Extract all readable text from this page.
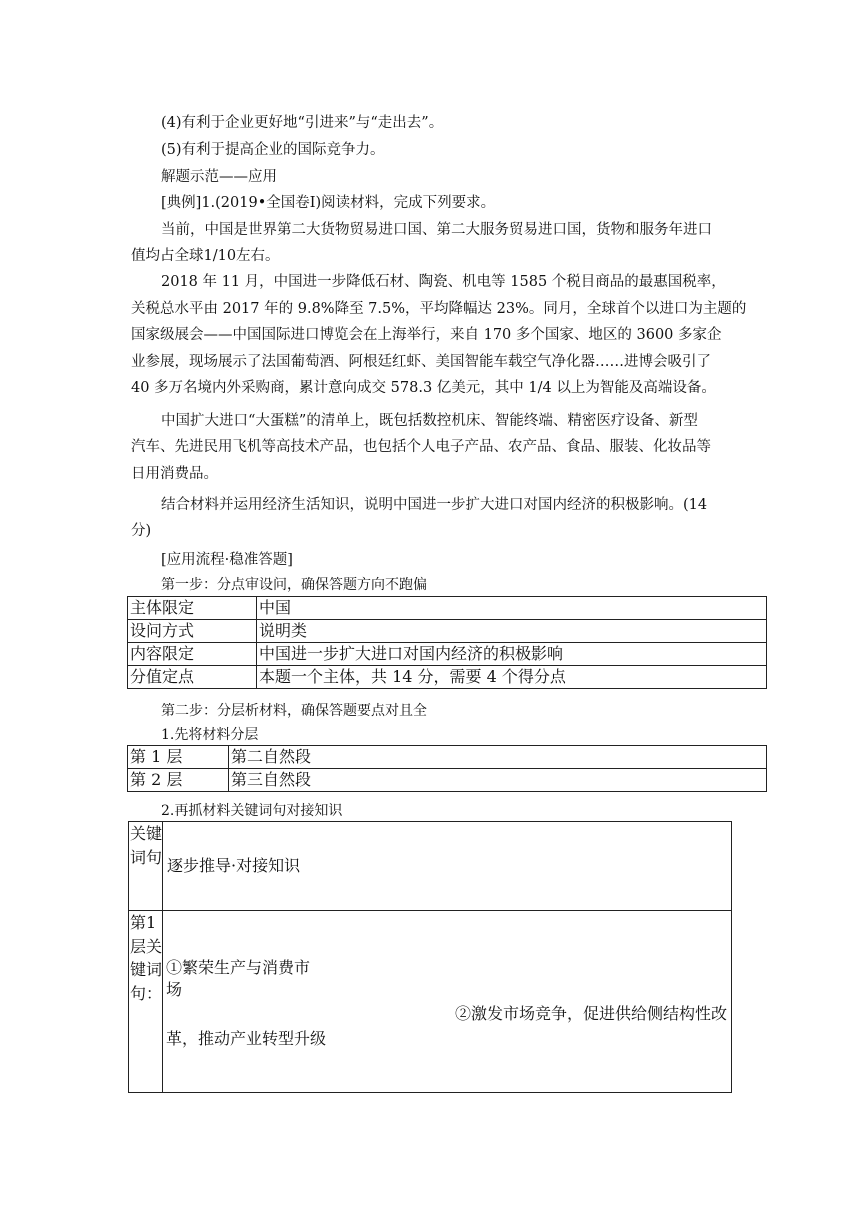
(4)有利于企业更好地“引进来”与“走出去”。
(5)有利于提高企业的国际竞争力。
解题示范——应用
[典例]1.(2019•全国卷Ⅰ)阅读材料，完成下列要求。
当前，中国是世界第二大货物贸易进口国、第二大服务贸易进口国，货物和服务年进口
值均占全球1/10左右。
2018 年 11 月，中国进一步降低石材、陶瓷、机电等 1585 个税目商品的最惠国税率，
关税总水平由 2017 年的 9.8%降至 7.5%，平均降幅达 23%。同月，全球首个以进口为主题的
国家级展会——中国国际进口博览会在上海举行，来自 170 多个国家、地区的 3600 多家企
业参展，现场展示了法国葡萄酒、阿根廷红虾、美国智能车载空气净化器……进博会吸引了
40 多万名境内外采购商，累计意向成交 578.3 亿美元，其中 1/4 以上为智能及高端设备。
中国扩大进口“大蛋糕”的清单上，既包括数控机床、智能终端、精密医疗设备、新型
汽车、先进民用飞机等高技术产品，也包括个人电子产品、农产品、食品、服装、化妆品等
日用消费品。
结合材料并运用经济生活知识，说明中国进一步扩大进口对国内经济的积极影响。(14
分)
[应用流程·稳准答题]
第一步：分点审设问，确保答题方向不跑偏
主体限定	中国
设问方式	说明类
内容限定	中国进一步扩大进口对国内经济的积极影响
分值定点	本题一个主体，共 14 分，需要 4 个得分点
第二步：分层析材料，确保答题要点对且全
1.先将材料分层
第 1 层	第二自然段
第 2 层	第三自然段
2.再抓材料关键词句对接知识
关键词句	逐步推导·对接知识
第1层关键词句：	①繁荣生产与消费市
场
②激发市场竞争，促进供给侧结构性改
革，推动产业转型升级
